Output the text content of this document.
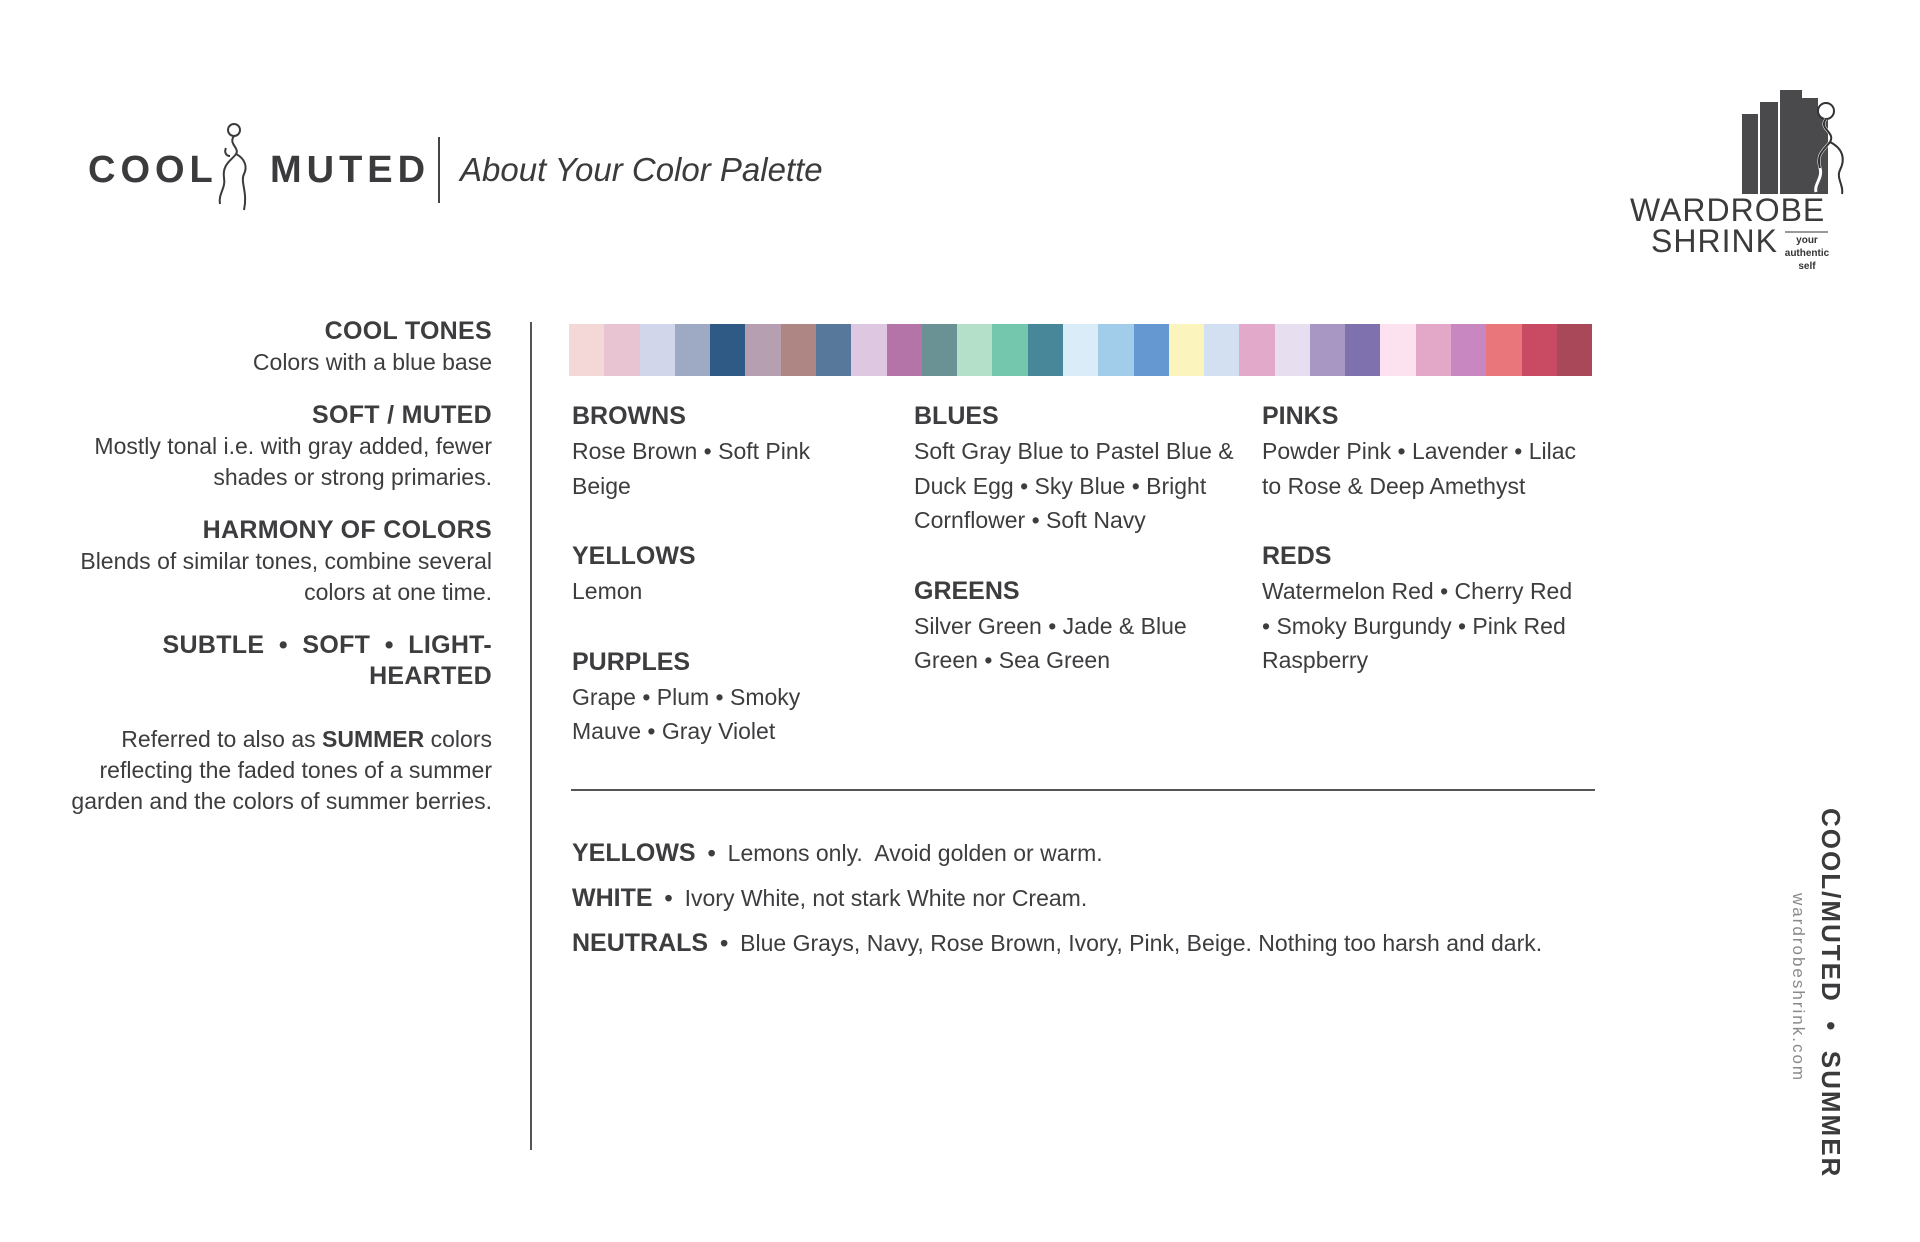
COOL MUTED About Your Color Palette
WARDROBE
SHRINK	your authentic self
COOL TONES
Colors with a blue base
SOFT / MUTED
Mostly tonal i.e. with gray added, fewer shades or strong primaries.
HARMONY OF COLORS
Blends of similar tones, combine several colors at one time.
SUBTLE  •  SOFT  •  LIGHT-HEARTED
Referred to also as SUMMER colors reflecting the faded tones of a summer garden and the colors of summer berries.
BROWNS
Rose Brown • Soft Pink Beige
YELLOWS
Lemon
PURPLES
Grape • Plum • Smoky Mauve • Gray Violet
BLUES
Soft Gray Blue to Pastel Blue & Duck Egg • Sky Blue • Bright Cornflower • Soft Navy
GREENS
Silver Green • Jade & Blue Green • Sea Green
PINKS
Powder Pink • Lavender • Lilac to Rose & Deep Amethyst
REDS
Watermelon Red • Cherry Red • Smoky Burgundy • Pink Red Raspberry
YELLOWS • Lemons only.  Avoid golden or warm.
WHITE • Ivory White, not stark White nor Cream.
NEUTRALS • Blue Grays, Navy, Rose Brown, Ivory, Pink, Beige. Nothing too harsh and dark.	COOL/MUTED  •  SUMMER
wardrobeshrink.com
